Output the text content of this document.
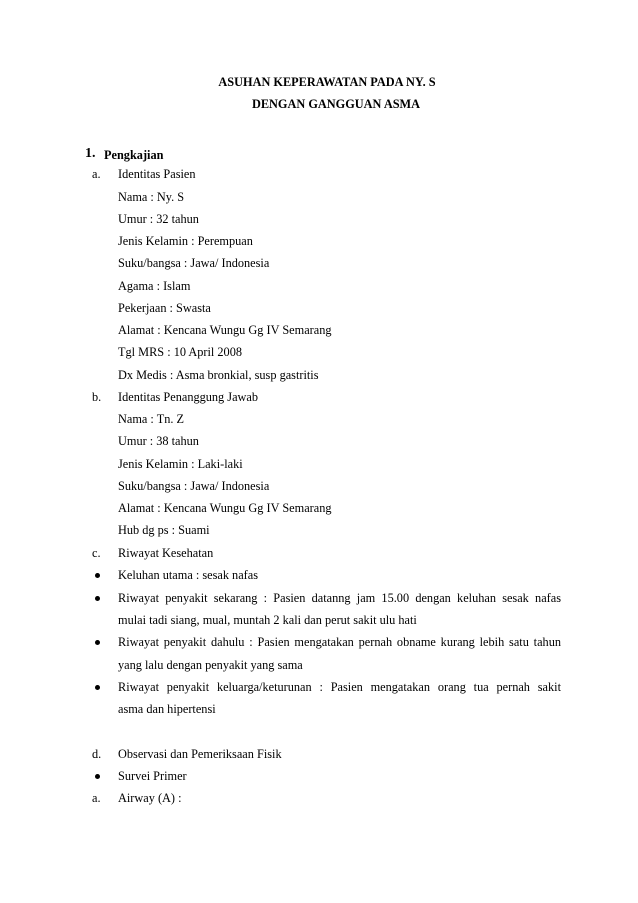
ASUHAN KEPERAWATAN PADA NY. S
DENGAN GANGGUAN ASMA
1. Pengkajian
a. Identitas Pasien
Nama : Ny. S
Umur : 32 tahun
Jenis Kelamin : Perempuan
Suku/bangsa : Jawa/ Indonesia
Agama : Islam
Pekerjaan : Swasta
Alamat : Kencana Wungu Gg IV Semarang
Tgl MRS : 10 April 2008
Dx Medis : Asma bronkial, susp gastritis
b. Identitas Penanggung Jawab
Nama : Tn. Z
Umur : 38 tahun
Jenis Kelamin : Laki-laki
Suku/bangsa : Jawa/ Indonesia
Alamat : Kencana Wungu Gg IV Semarang
Hub dg ps : Suami
c. Riwayat Kesehatan
Keluhan utama : sesak nafas
Riwayat penyakit sekarang : Pasien datanng jam 15.00 dengan keluhan sesak nafas
mulai tadi siang, mual, muntah 2 kali dan perut sakit ulu hati
Riwayat penyakit dahulu : Pasien mengatakan pernah obname kurang lebih satu tahun
yang lalu dengan penyakit yang sama
Riwayat penyakit keluarga/keturunan : Pasien mengatakan orang tua pernah sakit
asma dan hipertensi
d. Observasi dan Pemeriksaan Fisik
Survei Primer
a. Airway (A) :
